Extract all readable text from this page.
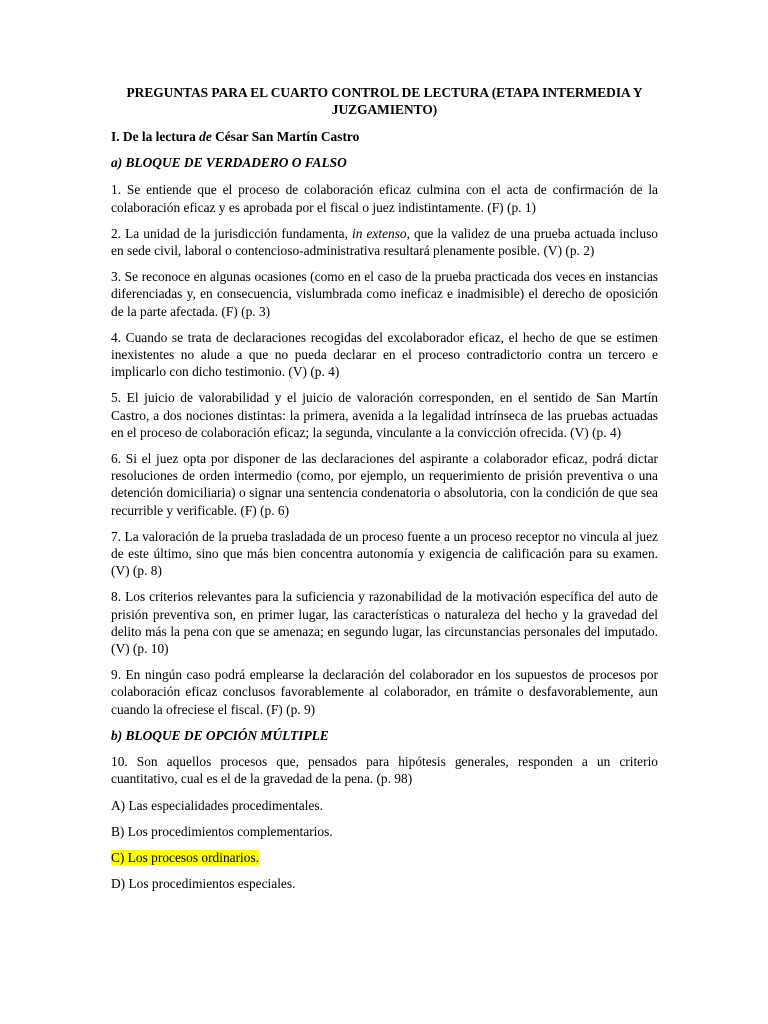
PREGUNTAS PARA EL CUARTO CONTROL DE LECTURA (ETAPA INTERMEDIA Y JUZGAMIENTO)

I. De la lectura de César San Martín Castro

a) BLOQUE DE VERDADERO O FALSO

1. Se entiende que el proceso de colaboración eficaz culmina con el acta de confirmación de la colaboración eficaz y es aprobada por el fiscal o juez indistintamente. (F) (p. 1)

2. La unidad de la jurisdicción fundamenta, in extenso, que la validez de una prueba actuada incluso en sede civil, laboral o contencioso-administrativa resultará plenamente posible. (V) (p. 2)

3. Se reconoce en algunas ocasiones (como en el caso de la prueba practicada dos veces en instancias diferenciadas y, en consecuencia, vislumbrada como ineficaz e inadmisible) el derecho de oposición de la parte afectada. (F) (p. 3)

4. Cuando se trata de declaraciones recogidas del excolaborador eficaz, el hecho de que se estimen inexistentes no alude a que no pueda declarar en el proceso contradictorio contra un tercero e implicarlo con dicho testimonio. (V) (p. 4)

5. El juicio de valorabilidad y el juicio de valoración corresponden, en el sentido de San Martín Castro, a dos nociones distintas: la primera, avenida a la legalidad intrínseca de las pruebas actuadas en el proceso de colaboración eficaz; la segunda, vinculante a la convicción ofrecida. (V) (p. 4)

6. Si el juez opta por disponer de las declaraciones del aspirante a colaborador eficaz, podrá dictar resoluciones de orden intermedio (como, por ejemplo, un requerimiento de prisión preventiva o una detención domiciliaria) o signar una sentencia condenatoria o absolutoria, con la condición de que sea recurrible y verificable. (F) (p. 6)

7. La valoración de la prueba trasladada de un proceso fuente a un proceso receptor no vincula al juez de este último, sino que más bien concentra autonomía y exigencia de calificación para su examen. (V) (p. 8)

8. Los criterios relevantes para la suficiencia y razonabilidad de la motivación específica del auto de prisión preventiva son, en primer lugar, las características o naturaleza del hecho y la gravedad del delito más la pena con que se amenaza; en segundo lugar, las circunstancias personales del imputado. (V) (p. 10)

9. En ningún caso podrá emplearse la declaración del colaborador en los supuestos de procesos por colaboración eficaz conclusos favorablemente al colaborador, en trámite o desfavorablemente, aun cuando la ofreciese el fiscal. (F) (p. 9)

b) BLOQUE DE OPCIÓN MÚLTIPLE

10. Son aquellos procesos que, pensados para hipótesis generales, responden a un criterio cuantitativo, cual es el de la gravedad de la pena. (p. 98)

A) Las especialidades procedimentales.

B) Los procedimientos complementarios.

C) Los procesos ordinarios.

D) Los procedimientos especiales.
